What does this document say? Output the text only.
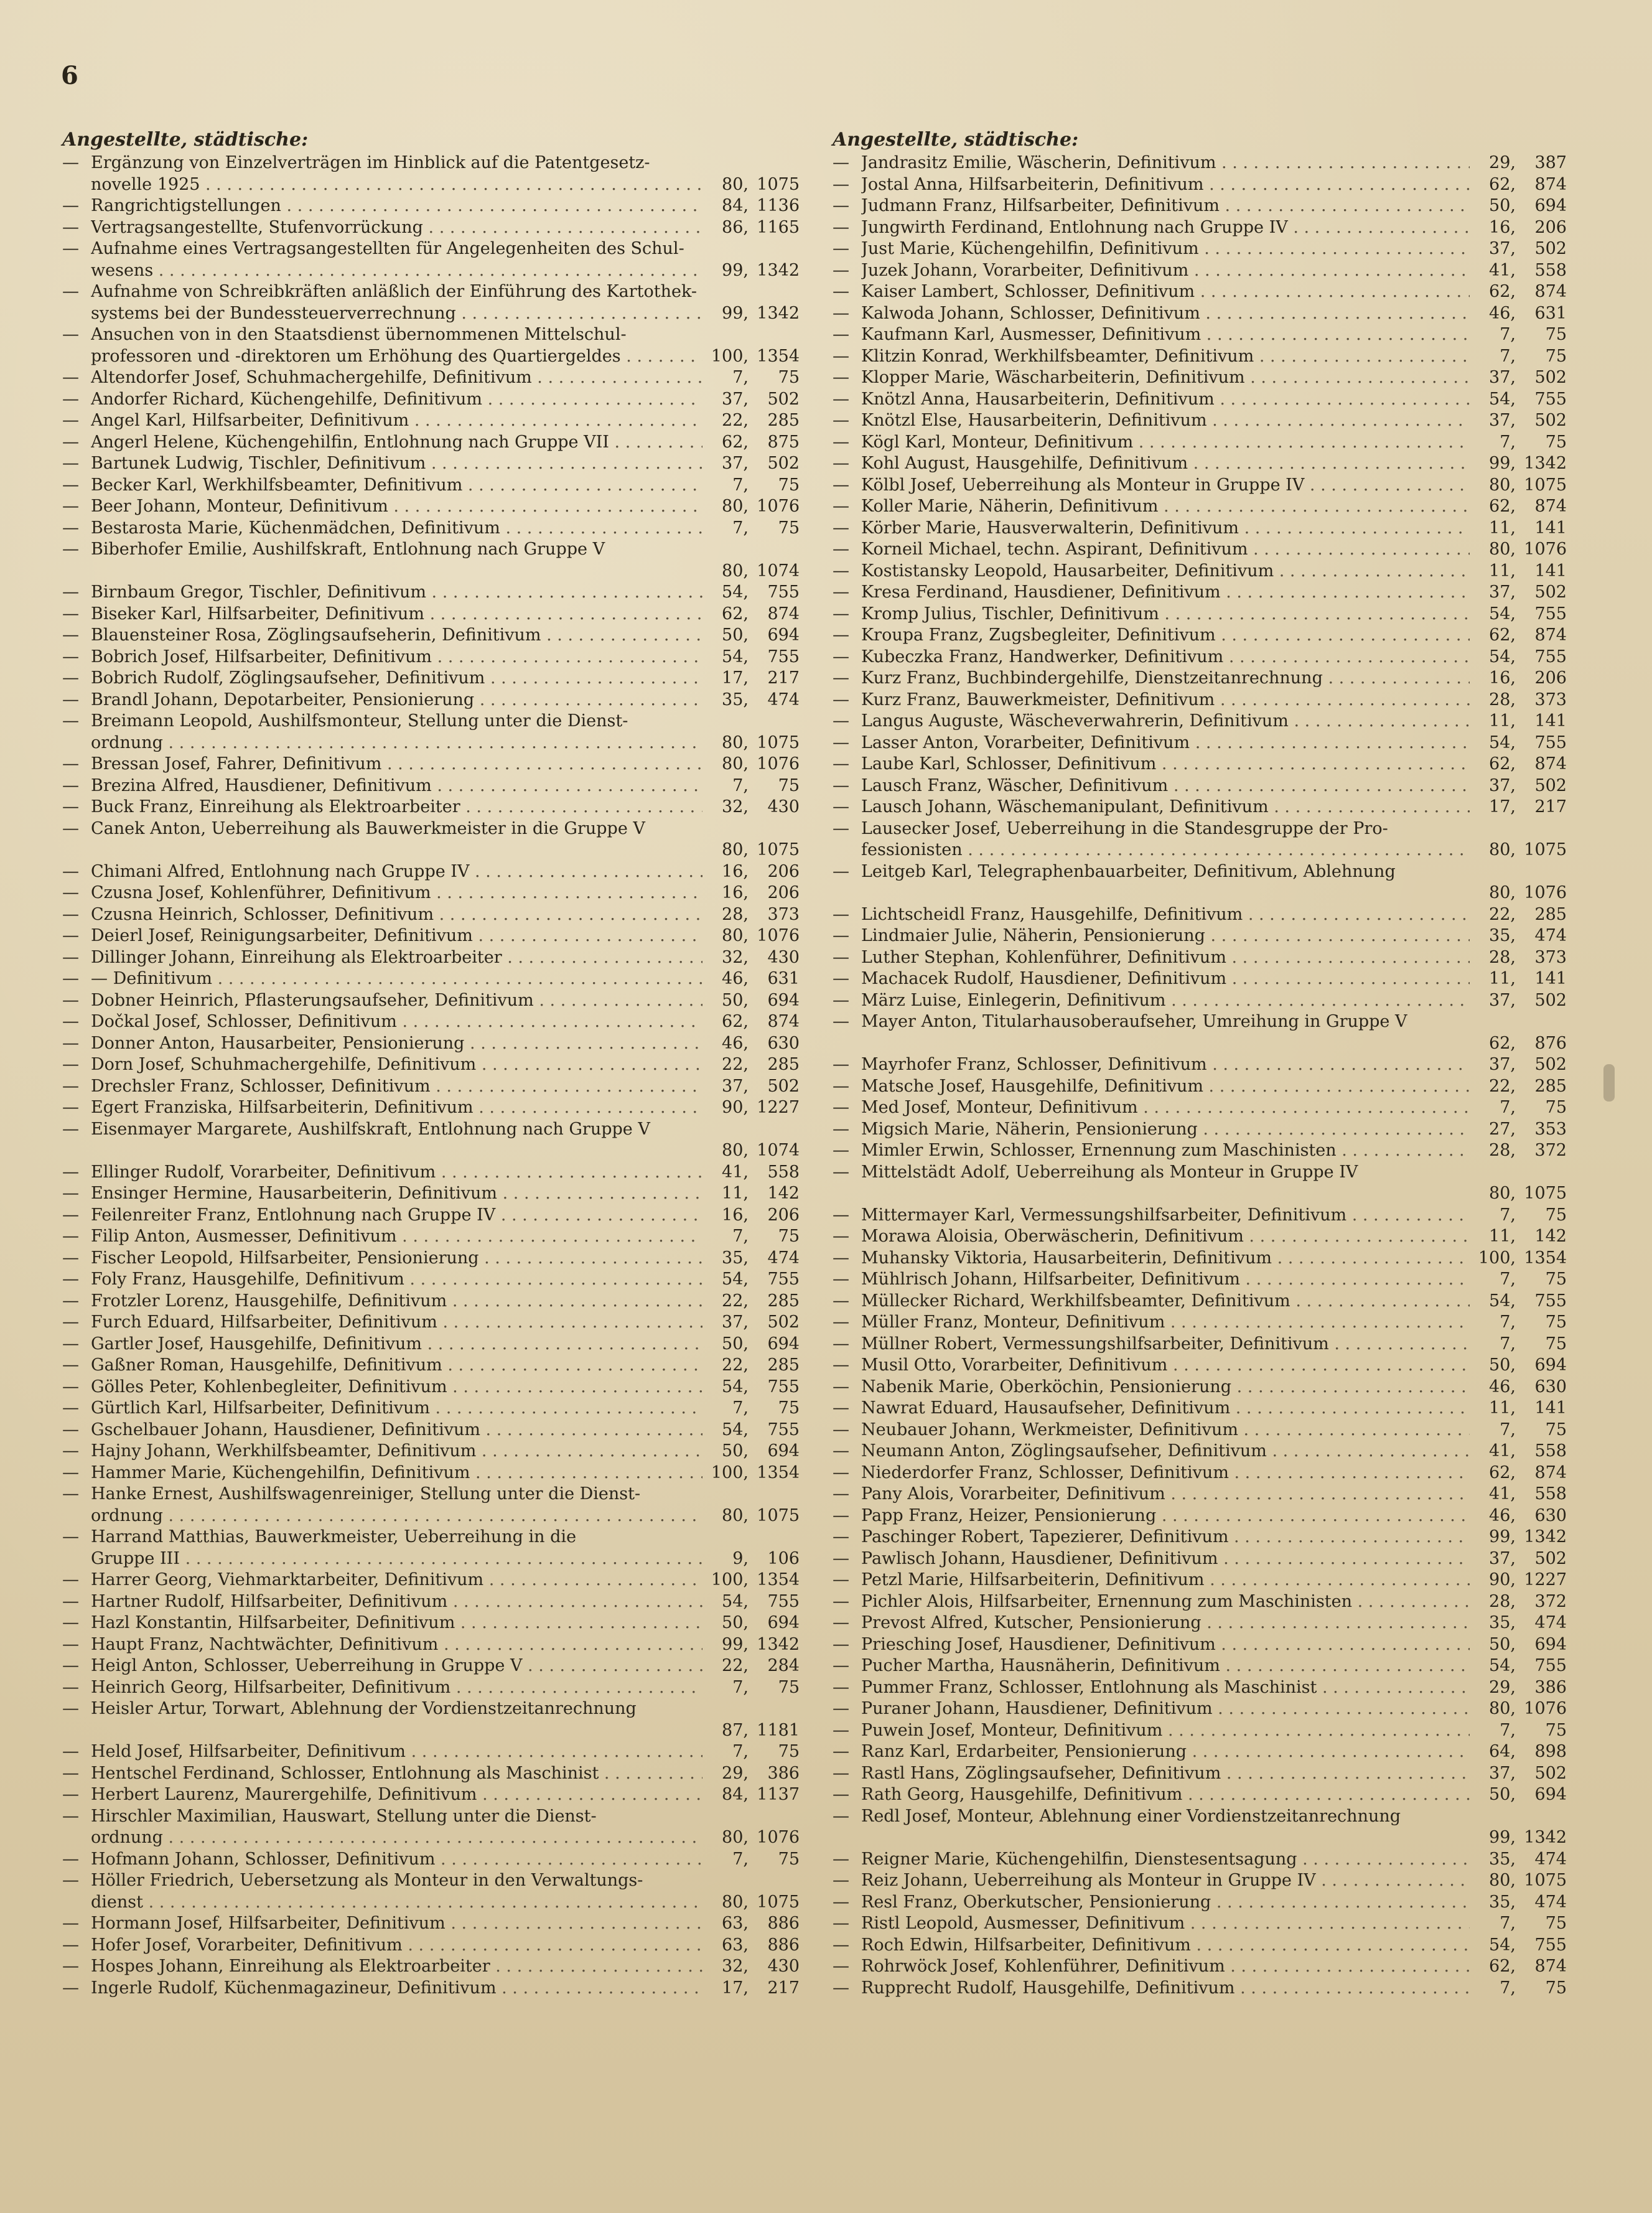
6
Angestellte, städtische:
— Ergänzung von Einzelverträgen im Hinblick auf die Patentgesetz-
novelle 1925 . . .	80, 1075
— Rangrichtigstellungen . . .	84, 1136
— Vertragsangestellte, Stufenvorrückung . . .	86, 1165
— Aufnahme eines Vertragsangestellten für Angelegenheiten des Schul-
wesens . . .	99, 1342
— Aufnahme von Schreibkräften anläßlich der Einführung des Kartothek-
systems bei der Bundessteuerverrechnung . . .	99, 1342
— Ansuchen von in den Staatsdienst übernommenen Mittelschul-
professoren und -direktoren um Erhöhung des Quartiergeldes . . .	100, 1354
— Altendorfer Josef, Schuhmachergehilfe, Definitivum . . .	7, 75
— Andorfer Richard, Küchengehilfe, Definitivum . . .	37, 502
— Angel Karl, Hilfsarbeiter, Definitivum . . .	22, 285
— Angerl Helene, Küchengehilfin, Entlohnung nach Gruppe VII . . .	62, 875
— Bartunek Ludwig, Tischler, Definitivum . . .	37, 502
— Becker Karl, Werkhilfsbeamter, Definitivum . . .	7, 75
— Beer Johann, Monteur, Definitivum . . .	80, 1076
— Bestarosta Marie, Küchenmädchen, Definitivum . . .	7, 75
— Biberhofer Emilie, Aushilfskraft, Entlohnung nach Gruppe V
80, 1074
— Birnbaum Gregor, Tischler, Definitivum . . .	54, 755
— Biseker Karl, Hilfsarbeiter, Definitivum . . .	62, 874
— Blauensteiner Rosa, Zöglingsaufseherin, Definitivum . . .	50, 694
— Bobrich Josef, Hilfsarbeiter, Definitivum . . .	54, 755
— Bobrich Rudolf, Zöglingsaufseher, Definitivum . . .	17, 217
— Brandl Johann, Depotarbeiter, Pensionierung . . .	35, 474
— Breimann Leopold, Aushilfsmonteur, Stellung unter die Dienst-
ordnung . . .	80, 1075
— Bressan Josef, Fahrer, Definitivum . . .	80, 1076
— Brezina Alfred, Hausdiener, Definitivum . . .	7, 75
— Buck Franz, Einreihung als Elektroarbeiter . . .	32, 430
— Canek Anton, Ueberreihung als Bauwerkmeister in die Gruppe V
80, 1075
— Chimani Alfred, Entlohnung nach Gruppe IV . . .	16, 206
— Czusna Josef, Kohlenführer, Definitivum . . .	16, 206
— Czusna Heinrich, Schlosser, Definitivum . . .	28, 373
— Deierl Josef, Reinigungsarbeiter, Definitivum . . .	80, 1076
— Dillinger Johann, Einreihung als Elektroarbeiter . . .	32, 430
— — Definitivum . . .	46, 631
— Dobner Heinrich, Pflasterungsaufseher, Definitivum . . .	50, 694
— Dočkal Josef, Schlosser, Definitivum . . .	62, 874
— Donner Anton, Hausarbeiter, Pensionierung . . .	46, 630
— Dorn Josef, Schuhmachergehilfe, Definitivum . . .	22, 285
— Drechsler Franz, Schlosser, Definitivum . . .	37, 502
— Egert Franziska, Hilfsarbeiterin, Definitivum . . .	90, 1227
— Eisenmayer Margarete, Aushilfskraft, Entlohnung nach Gruppe V
80, 1074
— Ellinger Rudolf, Vorarbeiter, Definitivum . . .	41, 558
— Ensinger Hermine, Hausarbeiterin, Definitivum . . .	11, 142
— Feilenreiter Franz, Entlohnung nach Gruppe IV . . .	16, 206
— Filip Anton, Ausmesser, Definitivum . . .	7, 75
— Fischer Leopold, Hilfsarbeiter, Pensionierung . . .	35, 474
— Foly Franz, Hausgehilfe, Definitivum . . .	54, 755
— Frotzler Lorenz, Hausgehilfe, Definitivum . . .	22, 285
— Furch Eduard, Hilfsarbeiter, Definitivum . . .	37, 502
— Gartler Josef, Hausgehilfe, Definitivum . . .	50, 694
— Gaßner Roman, Hausgehilfe, Definitivum . . .	22, 285
— Gölles Peter, Kohlenbegleiter, Definitivum . . .	54, 755
— Gürtlich Karl, Hilfsarbeiter, Definitivum . . .	7, 75
— Gschelbauer Johann, Hausdiener, Definitivum . . .	54, 755
— Hajny Johann, Werkhilfsbeamter, Definitivum . . .	50, 694
— Hammer Marie, Küchengehilfin, Definitivum . . .	100, 1354
— Hanke Ernest, Aushilfswagenreiniger, Stellung unter die Dienst-
ordnung . . .	80, 1075
— Harrand Matthias, Bauwerkmeister, Ueberreihung in die
Gruppe III . . .	9, 106
— Harrer Georg, Viehmarktarbeiter, Definitivum . . .	100, 1354
— Hartner Rudolf, Hilfsarbeiter, Definitivum . . .	54, 755
— Hazl Konstantin, Hilfsarbeiter, Definitivum . . .	50, 694
— Haupt Franz, Nachtwächter, Definitivum . . .	99, 1342
— Heigl Anton, Schlosser, Ueberreihung in Gruppe V . . .	22, 284
— Heinrich Georg, Hilfsarbeiter, Definitivum . . .	7, 75
— Heisler Artur, Torwart, Ablehnung der Vordienstzeitanrechnung
87, 1181
— Held Josef, Hilfsarbeiter, Definitivum . . .	7, 75
— Hentschel Ferdinand, Schlosser, Entlohnung als Maschinist . . .	29, 386
— Herbert Laurenz, Maurergehilfe, Definitivum . . .	84, 1137
— Hirschler Maximilian, Hauswart, Stellung unter die Dienst-
ordnung . . .	80, 1076
— Hofmann Johann, Schlosser, Definitivum . . .	7, 75
— Höller Friedrich, Uebersetzung als Monteur in den Verwaltungs-
dienst . . .	80, 1075
— Hormann Josef, Hilfsarbeiter, Definitivum . . .	63, 886
— Hofer Josef, Vorarbeiter, Definitivum . . .	63, 886
— Hospes Johann, Einreihung als Elektroarbeiter . . .	32, 430
— Ingerle Rudolf, Küchenmagazineur, Definitivum . . .	17, 217
Angestellte, städtische:
— Jandrasitz Emilie, Wäscherin, Definitivum . . .	29, 387
— Jostal Anna, Hilfsarbeiterin, Definitivum . . .	62, 874
— Judmann Franz, Hilfsarbeiter, Definitivum . . .	50, 694
— Jungwirth Ferdinand, Entlohnung nach Gruppe IV . . .	16, 206
— Just Marie, Küchengehilfin, Definitivum . . .	37, 502
— Juzek Johann, Vorarbeiter, Definitivum . . .	41, 558
— Kaiser Lambert, Schlosser, Definitivum . . .	62, 874
— Kalwoda Johann, Schlosser, Definitivum . . .	46, 631
— Kaufmann Karl, Ausmesser, Definitivum . . .	7, 75
— Klitzin Konrad, Werkhilfsbeamter, Definitivum . . .	7, 75
— Klopper Marie, Wäscharbeiterin, Definitivum . . .	37, 502
— Knötzl Anna, Hausarbeiterin, Definitivum . . .	54, 755
— Knötzl Else, Hausarbeiterin, Definitivum . . .	37, 502
— Kögl Karl, Monteur, Definitivum . . .	7, 75
— Kohl August, Hausgehilfe, Definitivum . . .	99, 1342
— Kölbl Josef, Ueberreihung als Monteur in Gruppe IV . . .	80, 1075
— Koller Marie, Näherin, Definitivum . . .	62, 874
— Körber Marie, Hausverwalterin, Definitivum . . .	11, 141
— Korneil Michael, techn. Aspirant, Definitivum . . .	80, 1076
— Kostistansky Leopold, Hausarbeiter, Definitivum . . .	11, 141
— Kresa Ferdinand, Hausdiener, Definitivum . . .	37, 502
— Kromp Julius, Tischler, Definitivum . . .	54, 755
— Kroupa Franz, Zugsbegleiter, Definitivum . . .	62, 874
— Kubeczka Franz, Handwerker, Definitivum . . .	54, 755
— Kurz Franz, Buchbindergehilfe, Dienstzeitanrechnung . . .	16, 206
— Kurz Franz, Bauwerkmeister, Definitivum . . .	28, 373
— Langus Auguste, Wäscheverwahrerin, Definitivum . . .	11, 141
— Lasser Anton, Vorarbeiter, Definitivum . . .	54, 755
— Laube Karl, Schlosser, Definitivum . . .	62, 874
— Lausch Franz, Wäscher, Definitivum . . .	37, 502
— Lausch Johann, Wäschemanipulant, Definitivum . . .	17, 217
— Lausecker Josef, Ueberreihung in die Standesgruppe der Pro-
fessionisten . . .	80, 1075
— Leitgeb Karl, Telegraphenbauarbeiter, Definitivum, Ablehnung
80, 1076
— Lichtscheidl Franz, Hausgehilfe, Definitivum . . .	22, 285
— Lindmaier Julie, Näherin, Pensionierung . . .	35, 474
— Luther Stephan, Kohlenführer, Definitivum . . .	28, 373
— Machacek Rudolf, Hausdiener, Definitivum . . .	11, 141
— März Luise, Einlegerin, Definitivum . . .	37, 502
— Mayer Anton, Titularhausoberaufseher, Umreihung in Gruppe V
62, 876
— Mayrhofer Franz, Schlosser, Definitivum . . .	37, 502
— Matsche Josef, Hausgehilfe, Definitivum . . .	22, 285
— Med Josef, Monteur, Definitivum . . .	7, 75
— Migsich Marie, Näherin, Pensionierung . . .	27, 353
— Mimler Erwin, Schlosser, Ernennung zum Maschinisten . . .	28, 372
— Mittelstädt Adolf, Ueberreihung als Monteur in Gruppe IV
80, 1075
— Mittermayer Karl, Vermessungshilfsarbeiter, Definitivum . . .	7, 75
— Morawa Aloisia, Oberwäscherin, Definitivum . . .	11, 142
— Muhansky Viktoria, Hausarbeiterin, Definitivum . . .	100, 1354
— Mühlrisch Johann, Hilfsarbeiter, Definitivum . . .	7, 75
— Müllecker Richard, Werkhilfsbeamter, Definitivum . . .	54, 755
— Müller Franz, Monteur, Definitivum . . .	7, 75
— Müllner Robert, Vermessungshilfsarbeiter, Definitivum . . .	7, 75
— Musil Otto, Vorarbeiter, Definitivum . . .	50, 694
— Nabenik Marie, Oberköchin, Pensionierung . . .	46, 630
— Nawrat Eduard, Hausaufseher, Definitivum . . .	11, 141
— Neubauer Johann, Werkmeister, Definitivum . . .	7, 75
— Neumann Anton, Zöglingsaufseher, Definitivum . . .	41, 558
— Niederdorfer Franz, Schlosser, Definitivum . . .	62, 874
— Pany Alois, Vorarbeiter, Definitivum . . .	41, 558
— Papp Franz, Heizer, Pensionierung . . .	46, 630
— Paschinger Robert, Tapezierer, Definitivum . . .	99, 1342
— Pawlisch Johann, Hausdiener, Definitivum . . .	37, 502
— Petzl Marie, Hilfsarbeiterin, Definitivum . . .	90, 1227
— Pichler Alois, Hilfsarbeiter, Ernennung zum Maschinisten . . .	28, 372
— Prevost Alfred, Kutscher, Pensionierung . . .	35, 474
— Priesching Josef, Hausdiener, Definitivum . . .	50, 694
— Pucher Martha, Hausnäherin, Definitivum . . .	54, 755
— Pummer Franz, Schlosser, Entlohnung als Maschinist . . .	29, 386
— Puraner Johann, Hausdiener, Definitivum . . .	80, 1076
— Puwein Josef, Monteur, Definitivum . . .	7, 75
— Ranz Karl, Erdarbeiter, Pensionierung . . .	64, 898
— Rastl Hans, Zöglingsaufseher, Definitivum . . .	37, 502
— Rath Georg, Hausgehilfe, Definitivum . . .	50, 694
— Redl Josef, Monteur, Ablehnung einer Vordienstzeitanrechnung
99, 1342
— Reigner Marie, Küchengehilfin, Dienstesentsagung . . .	35, 474
— Reiz Johann, Ueberreihung als Monteur in Gruppe IV . . .	80, 1075
— Resl Franz, Oberkutscher, Pensionierung . . .	35, 474
— Ristl Leopold, Ausmesser, Definitivum . . .	7, 75
— Roch Edwin, Hilfsarbeiter, Definitivum . . .	54, 755
— Rohrwöck Josef, Kohlenführer, Definitivum . . .	62, 874
— Rupprecht Rudolf, Hausgehilfe, Definitivum . . .	7, 75
